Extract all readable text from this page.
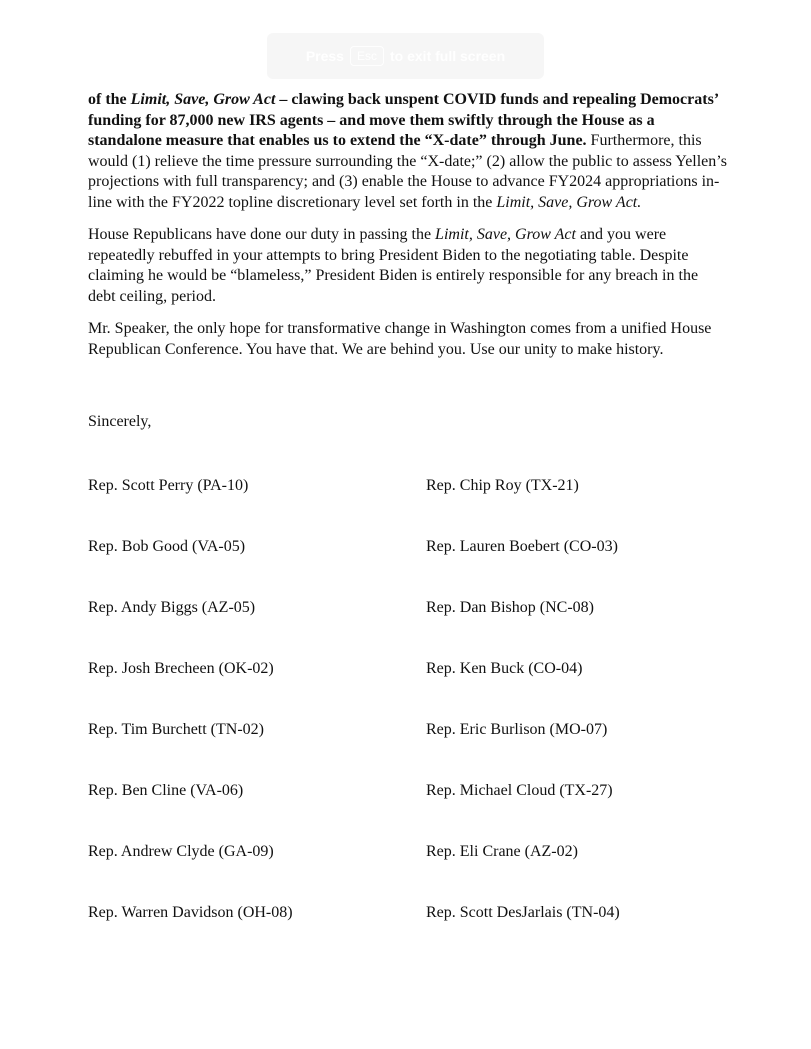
Press	Esc to exit full screen

of the Limit, Save, Grow Act – clawing back unspent COVID funds and repealing Democrats’ funding for 87,000 new IRS agents – and move them swiftly through the House as a standalone measure that enables us to extend the “X-date” through June. Furthermore, this would (1) relieve the time pressure surrounding the “X-date;” (2) allow the public to assess Yellen’s projections with full transparency; and (3) enable the House to advance FY2024 appropriations in-line with the FY2022 topline discretionary level set forth in the Limit, Save, Grow Act.

House Republicans have done our duty in passing the Limit, Save, Grow Act and you were repeatedly rebuffed in your attempts to bring President Biden to the negotiating table. Despite claiming he would be “blameless,” President Biden is entirely responsible for any breach in the debt ceiling, period.

Mr. Speaker, the only hope for transformative change in Washington comes from a unified House Republican Conference. You have that. We are behind you. Use our unity to make history.

Sincerely,
Rep. Scott Perry (PA-10)
Rep. Bob Good (VA-05)
Rep. Andy Biggs (AZ-05)
Rep. Josh Brecheen (OK-02)
Rep. Tim Burchett (TN-02)
Rep. Ben Cline (VA-06)
Rep. Andrew Clyde (GA-09)
Rep. Warren Davidson (OH-08)
Rep. Chip Roy (TX-21)
Rep. Lauren Boebert (CO-03)
Rep. Dan Bishop (NC-08)
Rep. Ken Buck (CO-04)
Rep. Eric Burlison (MO-07)
Rep. Michael Cloud (TX-27)
Rep. Eli Crane (AZ-02)
Rep. Scott DesJarlais (TN-04)
